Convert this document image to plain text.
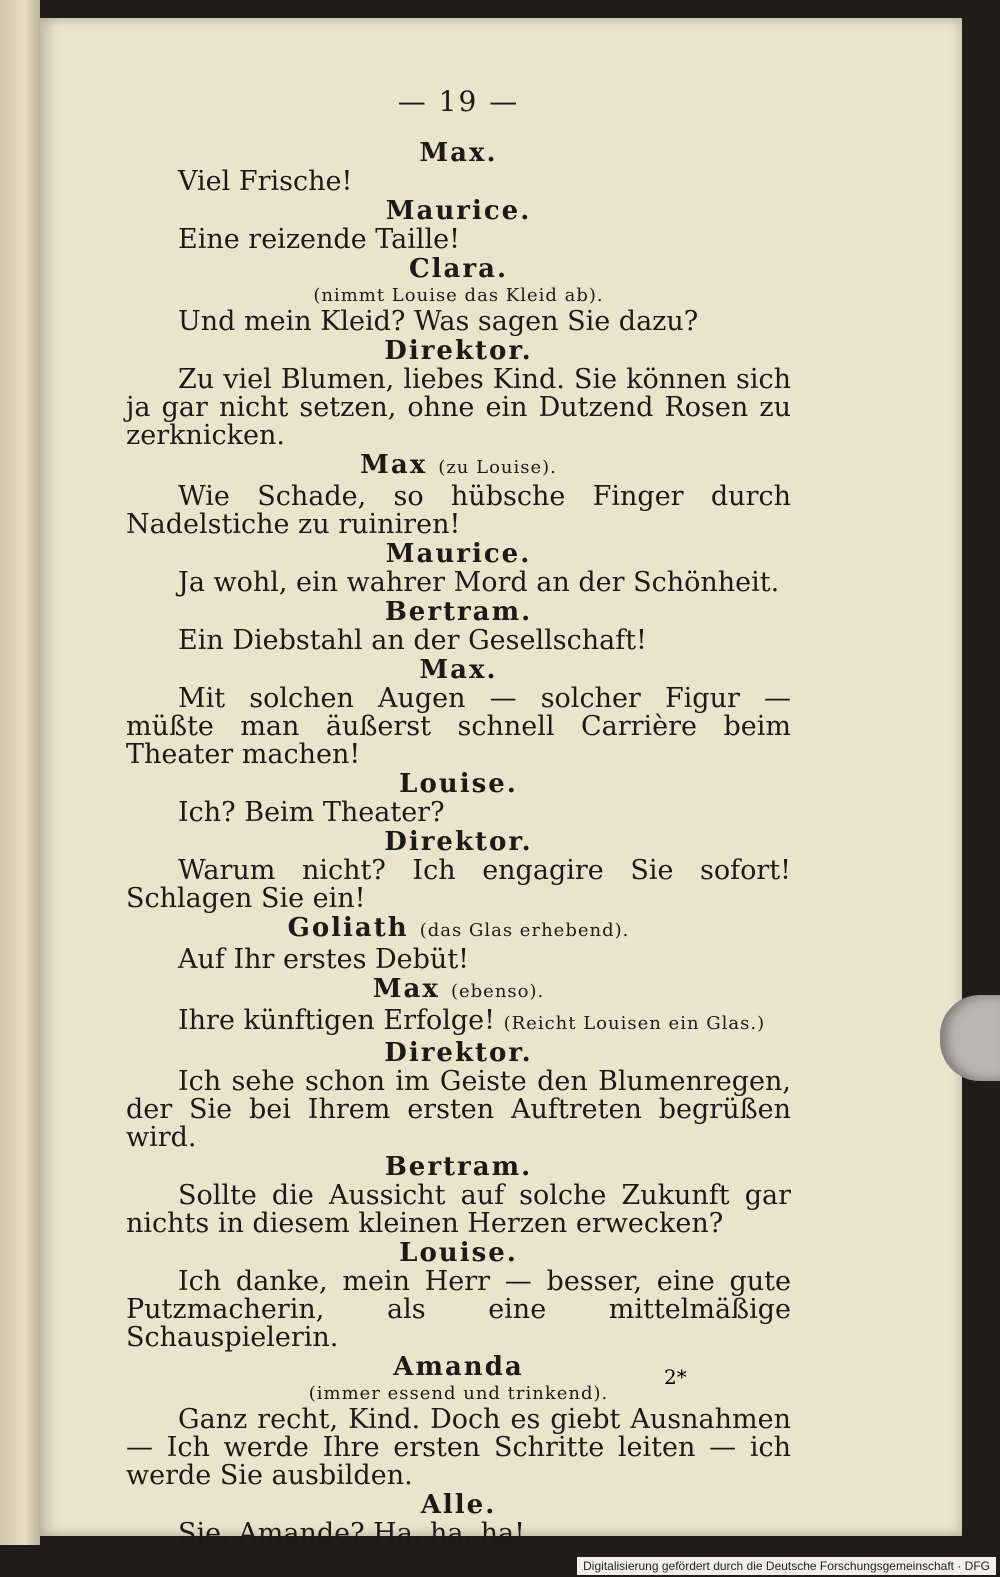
— 19 —
Max.

Viel Frische!

Maurice.

Eine reizende Taille!

Clara.
(nimmt Louise das Kleid ab).

Und mein Kleid? Was sagen Sie dazu?

Direktor.

Zu viel Blumen, liebes Kind. Sie können sich ja gar nicht setzen, ohne ein Dutzend Rosen zu zerknicken.

Max (zu Louise).

Wie Schade, so hübsche Finger durch Nadelstiche zu ruiniren!

Maurice.

Ja wohl, ein wahrer Mord an der Schönheit.

Bertram.

Ein Diebstahl an der Gesellschaft!

Max.

Mit solchen Augen — solcher Figur — müßte man äußerst schnell Carrière beim Theater machen!

Louise.

Ich? Beim Theater?

Direktor.

Warum nicht? Ich engagire Sie sofort! Schlagen Sie ein!

Goliath (das Glas erhebend).

Auf Ihr erstes Debüt!

Max (ebenso).

Ihre künftigen Erfolge! (Reicht Louisen ein Glas.)

Direktor.

Ich sehe schon im Geiste den Blumenregen, der Sie bei Ihrem ersten Auftreten begrüßen wird.

Bertram.

Sollte die Aussicht auf solche Zukunft gar nichts in diesem kleinen Herzen erwecken?

Louise.

Ich danke, mein Herr — besser, eine gute Putzmacherin, als eine mittelmäßige Schauspielerin.

Amanda
(immer essend und trinkend).

Ganz recht, Kind. Doch es giebt Ausnahmen — Ich werde Ihre ersten Schritte leiten — ich werde Sie ausbilden.

Alle.

Sie, Amande? Ha, ha, ha!

2*
Digitalisierung gefördert durch die Deutsche Forschungsgemeinschaft · DFG
